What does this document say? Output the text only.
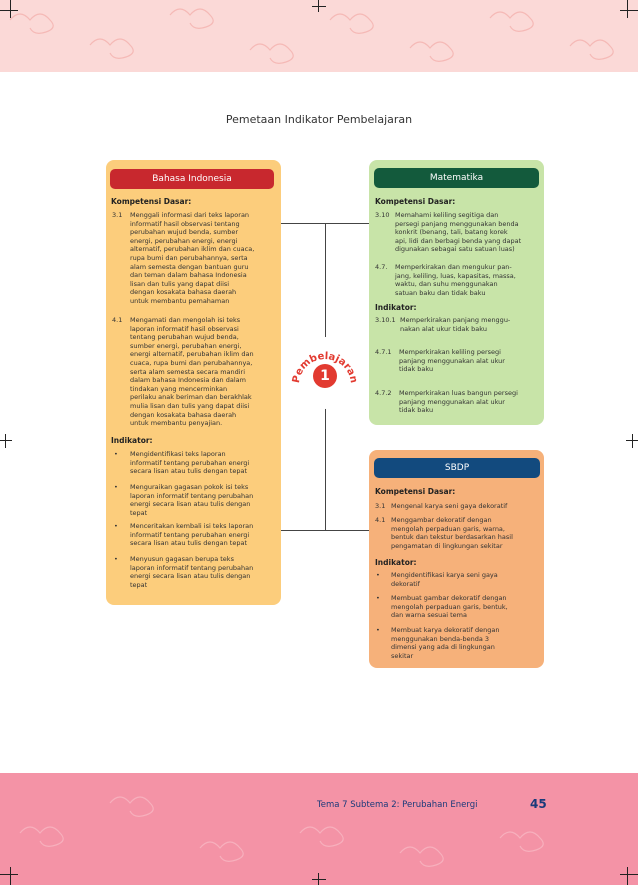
Pemetaan Indikator Pembelajaran
Bahasa Indonesia	Matematika
SBDP
Kompetensi Dasar:
3.1 Menggali informasi dari teks laporan
informatif hasil observasi tentang
perubahan wujud benda, sumber
energi, perubahan energi, energi
alternatif, perubahan iklim dan cuaca,
rupa bumi dan perubahannya, serta
alam semesta dengan bantuan guru
dan teman dalam bahasa Indonesia
lisan dan tulis yang dapat diisi
dengan kosakata bahasa daerah
untuk membantu pemahaman
4.1 Mengamati dan mengolah isi teks
laporan informatif hasil observasi
tentang perubahan wujud benda,
sumber energi, perubahan energi,
energi alternatif, perubahan iklim dan
cuaca, rupa bumi dan perubahannya,
serta alam semesta secara mandiri
dalam bahasa Indonesia dan dalam
tindakan yang mencerminkan
perilaku anak beriman dan berakhlak
mulia lisan dan tulis yang dapat diisi
dengan kosakata bahasa daerah
untuk membantu penyajian.
Indikator:
• Mengidentifikasi teks laporan
informatif tentang perubahan energi
secara lisan atau tulis dengan tepat
• Menguraikan gagasan pokok isi teks
laporan informatif tentang perubahan
energi secara lisan atau tulis dengan
tepat
• Menceritakan kembali isi teks laporan
informatif tentang perubahan energi
secara lisan atau tulis dengan tepat
• Menyusun gagasan berupa teks
laporan informatif tentang perubahan
energi secara lisan atau tulis dengan
tepat
Kompetensi Dasar:
3.10 Memahami keliling segitiga dan
persegi panjang menggunakan benda
konkrit (benang, tali, batang korek
api, lidi dan berbagi benda yang dapat
digunakan sebagai satu satuan luas)
4.7. Memperkirakan dan mengukur pan-
jang, keliling, luas, kapasitas, massa,
waktu, dan suhu menggunakan
satuan baku dan tidak baku
Indikator:
3.10.1 Memperkirakan panjang menggu-
nakan alat ukur tidak baku
4.7.1 Memperkirakan keliling persegi
panjang menggunakan alat ukur
tidak baku
4.7.2 Memperkirakan luas bangun persegi
panjang menggunakan alat ukur
tidak baku
Kompetensi Dasar:
3.1 Mengenal karya seni gaya dekoratif
4.1 Menggambar dekoratif dengan
mengolah perpaduan garis, warna,
bentuk dan tekstur berdasarkan hasil
pengamatan di lingkungan sekitar
Indikator:
• Mengidentifikasi karya seni gaya
dekoratif
• Membuat gambar dekoratif dengan
mengolah perpaduan garis, bentuk,
dan warna sesuai tema
• Membuat karya dekoratif dengan
menggunakan benda-benda 3
dimensi yang ada di lingkungan
sekitar
Pembelajaran
1
Tema 7 Subtema 2: Perubahan Energi	45
